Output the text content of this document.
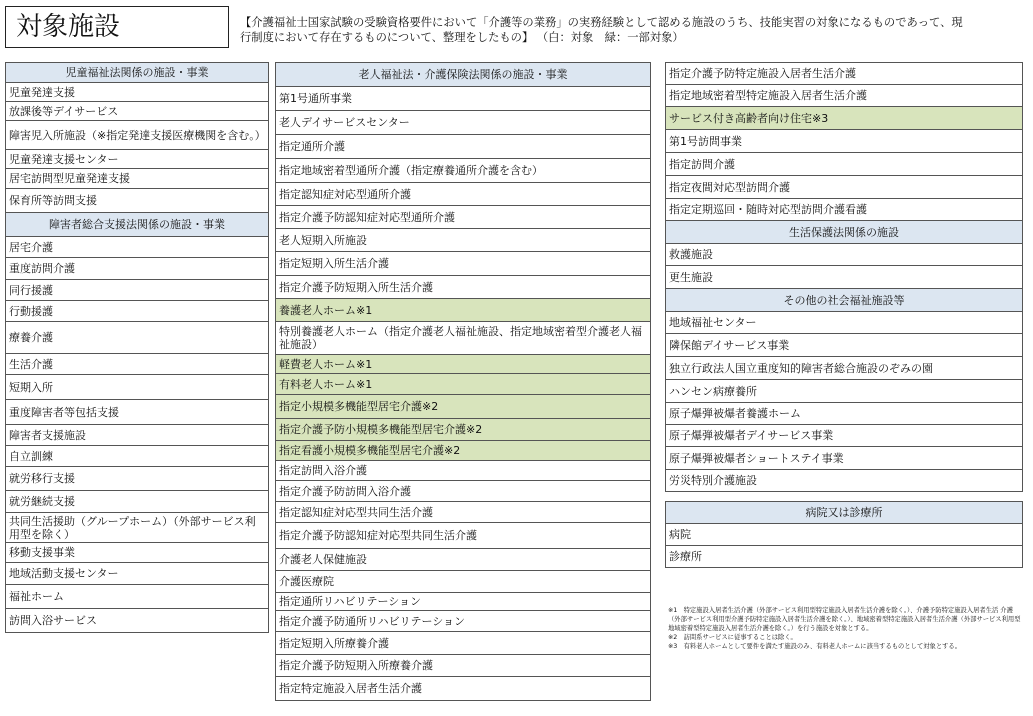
対象施設	【介護福祉士国家試験の受験資格要件において「介護等の業務」の実務経験として認める施設のうち、技能実習の対象になるものであって、現
行制度において存在するものについて、整理をしたもの】 （白：対象　緑：一部対象）
児童福祉法関係の施設・事業
児童発達支援
放課後等デイサービス
障害児入所施設（※指定発達支援医療機関を含む。）
児童発達支援センター
居宅訪問型児童発達支援
保育所等訪問支援
障害者総合支援法関係の施設・事業
居宅介護
重度訪問介護
同行援護
行動援護
療養介護
生活介護
短期入所
重度障害者等包括支援
障害者支援施設
自立訓練
就労移行支援
就労継続支援
共同生活援助（グループホーム）（外部サービス利用型を除く）
移動支援事業
地域活動支援センター
福祉ホーム
訪問入浴サービス
老人福祉法・介護保険法関係の施設・事業
第1号通所事業
老人デイサービスセンター
指定通所介護
指定地域密着型通所介護（指定療養通所介護を含む）
指定認知症対応型通所介護
指定介護予防認知症対応型通所介護
老人短期入所施設
指定短期入所生活介護
指定介護予防短期入所生活介護
養護老人ホーム※1
特別養護老人ホーム（指定介護老人福祉施設、指定地域密着型介護老人福祉施設）
軽費老人ホーム※1
有料老人ホーム※1
指定小規模多機能型居宅介護※2
指定介護予防小規模多機能型居宅介護※2
指定看護小規模多機能型居宅介護※2
指定訪問入浴介護
指定介護予防訪問入浴介護
指定認知症対応型共同生活介護
指定介護予防認知症対応型共同生活介護
介護老人保健施設
介護医療院
指定通所リハビリテーション
指定介護予防通所リハビリテーション
指定短期入所療養介護
指定介護予防短期入所療養介護
指定特定施設入居者生活介護
指定介護予防特定施設入居者生活介護
指定地域密着型特定施設入居者生活介護
サービス付き高齢者向け住宅※3
第1号訪問事業
指定訪問介護
指定夜間対応型訪問介護
指定定期巡回・随時対応型訪問介護看護
生活保護法関係の施設
救護施設
更生施設
その他の社会福祉施設等
地域福祉センター
隣保館デイサービス事業
独立行政法人国立重度知的障害者総合施設のぞみの園
ハンセン病療養所
原子爆弾被爆者養護ホーム
原子爆弾被爆者デイサービス事業
原子爆弾被爆者ショートステイ事業
労災特別介護施設

病院又は診療所
病院
診療所
※1　特定施設入居者生活介護（外部サービス利用型特定施設入居者生活介護を除く。）、介護予防特定施設入居者生活 介護（外部サービス利用型介護予防特定施設入居者生活介護を除く。）、地域密着型特定施設入居者生活介護（外部サービス利用型地域密着型特定施設入居者生活介護を除く。）を行う施設を対象とする。
※2　訪問系サービスに従事することは除く。
※3　有料老人ホームとして要件を満たす施設のみ、有料老人ホームに該当するものとして対象とする。
